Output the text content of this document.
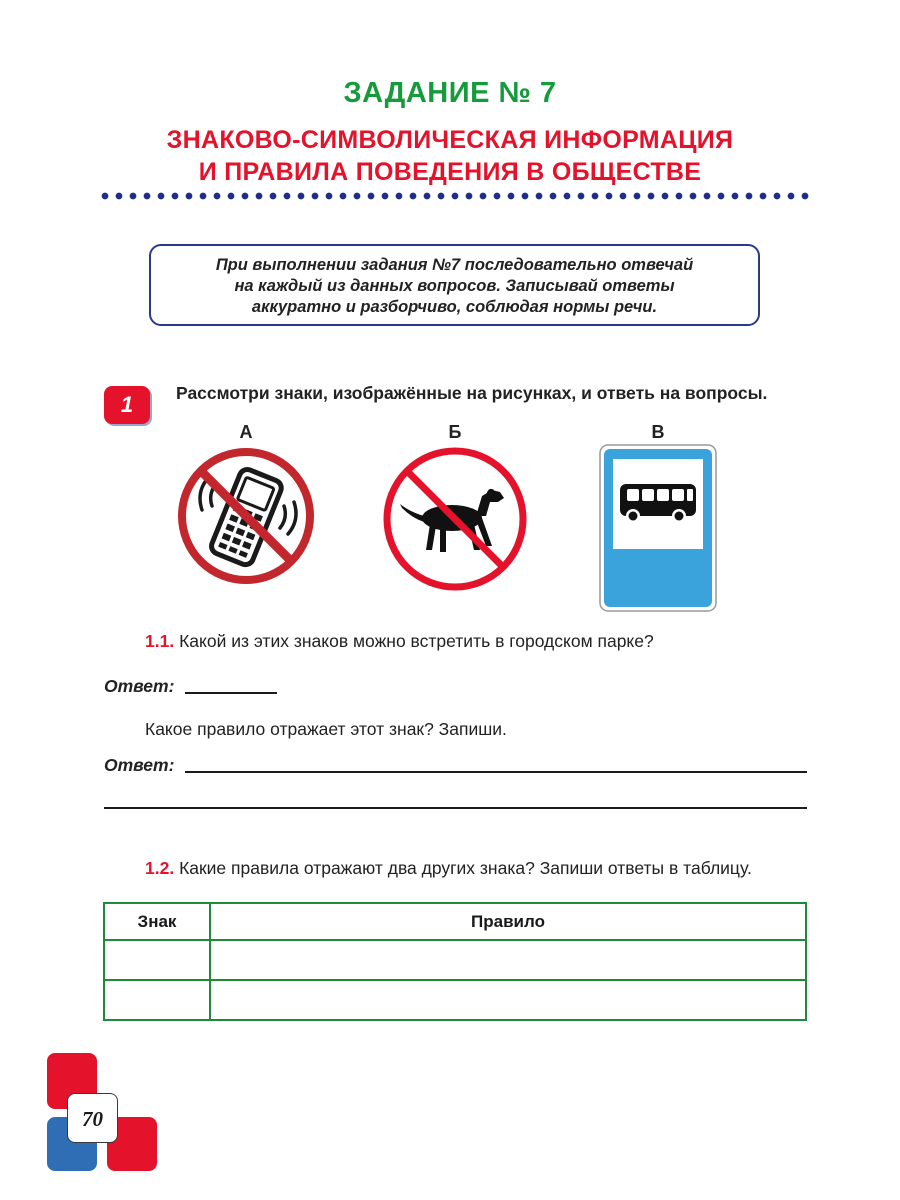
ЗАДАНИЕ № 7
ЗНАКОВО-СИМВОЛИЧЕСКАЯ ИНФОРМАЦИЯ
И ПРАВИЛА ПОВЕДЕНИЯ В ОБЩЕСТВЕ
При выполнении задания №7 последовательно отвечай
на каждый из данных вопросов. Записывай ответы
аккуратно и разборчиво, соблюдая нормы речи.
1	Рассмотри знаки, изображённые на рисунках, и ответь на вопросы.
А	Б	В
1.1. Какой из этих знаков можно встретить в городском парке?
Ответ:
Какое правило отражает этот знак? Запиши.
Ответ:
1.2. Какие правила отражают два других знака? Запиши ответы в таблицу.
Знак	Правило

70
